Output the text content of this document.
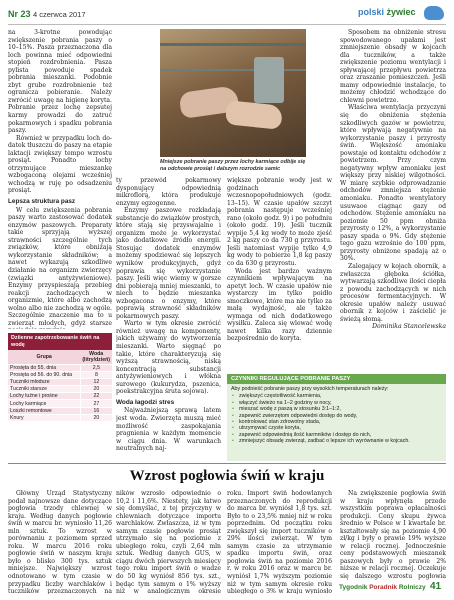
Nr 23 4 czerwca 2017	polski żywiec

na 3-krotne powodując zwiększenie pobrania paszy o 10–15%. Pasza przeznaczona dla loch powinna mieć odpowiedni stopień rozdrobnienia. Pasza pylista powoduje spadek pobrania mieszanki. Podobnie zbyt grube rozdrobnienie też ogranicza pobieranie. Należy zwrócić uwagę na higienę koryta. Pobranie przez lochę zepsutej karmy prowadzi do zatruć pokarmowych i spadku pobrania paszy.

Również w przypadku loch do-datek tłuszczu do paszy na etapie laktacji zwiększy tempo wzrostu prosiąt. Ponadto lochy otrzymujące mieszankę wzbogaconą olejami wcześniej wchodzą w ruję po odsadzeniu prosiąt.

Lepsza struktura pasz

W celu zwiększenia pobrania paszy warto zastosować dodatek enzymów paszowych. Preparaty takie sprzyjają wyższej strawności szczególnie tych związków, które obniżają wykorzystanie składników; a nawet wykazują szkodliwe działanie na organizm zwierzęcy (związki antyżywieniowe). Enzymy przyspieszają przebieg reakcji zachodzących w organizmie, które albo zachodzą wolno albo nie zachodzą w ogóle. Szczególnie znaczenie ma to u zwierząt młodych, gdyż starsze

Dziienne zapotrzebowanie świń na wodę
Grupa	Woda (litry/dzień)
Prosięta do 55. dnia	2,5
Prosięta od 56. do 90. dnia	8
Tuczniki młodsze	12
Tuczniki starsze	20
Lochy luźne i prośne	22
Lochy karmiące	27
Loszki remontowe	16
Knury	20
Mniejsze pobranie paszy przez lochy karmiące odbije się na odchowie prosiąt i dalszym rozrodzie samic

ty przewód pokarmowy dysponujący odpowiednią mikroflorą, która produkuje enzymy egzogenne.

Enzymy paszowe rozkładają substancje do związków prostych, które stają się przyswajalne i organizm może je wykorzystać jako dodatkowe źródło energii. Stosując dodatek enzymów możemy spodziewać się lepszych wyników produkcyjnych, gdyż poprawia się wykorzystanie paszy. Jeśli więc wiemy w gorsze dni pobierają mniej mieszanki, to niech to będzie mieszanka wzbogacona o enzymy, które poprawią strawność składników pokarmowych paszy.

Warto w tym okresie zwrócić również uwagę na komponenty, jakich używamy do wytworzenia mieszanki. Warto sięgnąć po takie, które charakteryzują się wyższą strawnością, niską koncentracją substancji antyżywieniowych i włókna surowego (kukurydza, pszenica, poekstrakcyjna śruta sojowa).

Woda łagodzi stres

Najważniejszą sprawą latem jest woda. Zwierzęta muszą mieć możliwość zaspokajania pragnienia w każdym momencie w ciągu dnia. W warunkach neutralnych naj-

większe pobranie wody jest w godzinach wczesnopopołudniowych (godz. 13–15). W czasie upałów szczyt pobrania następuje wcześniej rano (około godz. 9) i po południu (około godz. 19). Jeśli tucznik wypije 5,4 kg wody to może zjeść 2 kg paszy co da 730 g przyrostu. Jeśli natomiast wypije tylko 4,9 kg wody to pobierze 1,8 kg paszy co da 630 g przyrostu.

Woda jest bardzo ważnym czynnikiem wpływającym na apetyt loch. W czasie upałów nie wystarczy im tylko poidło smoczkowe, które ma nie tylko za małą wydajność, ale także wymaga od nich dodatkowego wysiłku. Zaleca się wlewać wodę nawet kilka razy dziennie bezpośrednio do koryta.

Sposobem na obniżenie stresu spowodowanego upałami jest zmniejszenie obsady w kojcach dla tuczników, a także zwiększenie poziomu wentylacji i spływającej przepływu powietrza oraz zraszanie pomieszczeń. Jeśli mamy odpowiednie instalacje, to możemy chłodzić wchodzące do chlewni powietrze.

Właściwa wentylacja przyczyni się do obniżenia stężenia szkodliwych gazów w powietrzu, które wpływają negatywnie na wykorzystanie paszy i przyrosty świń. Większość amoniaku powstaje od kontaktu odchodów z powietrzem. Przy czym negatywny wpływ amoniaku jest większy przy niskiej wilgotności. W miarę szybkie odprowadzanie odchodów zmniejsza stężenie amoniaku. Ponadto wentylatory usuwaoe ciągnąc gazy od odchodów. Stężenie amoniaku na poziomie 50 ppm obniża przyrosty o 12%, a wykorzystanie paszy spada o 9%. Gdy stężenie tego gazu wzrośnie do 100 ppm, przyrosty obniżone spadają aż o 30%.

Zalegający w kojach obornik, a zwłaszcza głęboka ściółka, wytwarzają szkodliwe ilości ciepła z powodu zachodzących w nich procesów fermentacyjnych. W okresie upałów należy usuwać obornik z kojców i zaścielić je świeżą słomą.

Dominika Stancelewska

CZYNNIKI REGULUJĄCE POBRANIE PASZY
Aby podnieść pobranie paszy przy wysokich temperaturach należy:
▪ zwiększyć częstotliwość karmienia,
▪ włączyć świeżo na 1–2 godziny w nocy,
▪ mieszać wodę z paszą w stosunku 3:1–1:2,
▪ zapewnić zwierzętom odpowiedni dostęp do wody,
▪ kontrolować stan zdrowotny stada,
▪ utrzymywać czyste koryta,
▪ zapewnić odpowiednią ilość karmników i dostęp do nich,
▪ zmniejszyć obsadę zwierząt, zadbać o lepsze ich wyrównanie w kojcach.
Wzrost pogłowia świń w kraju

Główny Urząd Statystyczny podał najnowsze dane dotyczące pogłowia trzody chlewnej w kraju. Według danych pogłowie świń w marcu br. wyniosło 11,26 mln sztuk. To wzrost w porównaniu z poziomem sprzed roku. W marcu 2016 roku pogłowie świń w naszym kraju było o blisko 300 tys. sztuk mniejsze. Największy wzrost odnotowano w tym czasie w przypadku liczby warchlaków i tuczników przeznaczonych na

ników wzrosło odpowiednio o 10,2 i 11,6%. Niestety, jak łatwo się domyślać, z tej przyczyny w chlewniach dotyczące importu warchlaków. Zwłaszcza, iż w tym samym czasie pogłowie prosiąt utrzymało się na poziomie z ubiegłego roku, czyli 2,64 mln sztuk. Według danych GUS, w ciągu dwóch pierwszych miesięcy tego roku import świń o wadze do 50 kg wyniósł 856 tys. szt., będąc tym samym o 1% wyższy niż w analogicznym okresie

roku. Import świń hodowlanych przeznaczonych do reprodukcji do marca br. wyniósł 1,8 tys. szt. Było to o 23,5% mniej niż w roku poprzednim. Od początku roku zwiększył się import tuczników o 29% ilości zwierząt. W tym samym czasie za utrzymanie spadku importu świń, oraz pogłowia świń na poziomie 2016 r. w roku 2016 oraz w marcu br. wyniósł 1,7% wyższym poziomie niż w tym samym okresie roku ubiegłego o 3% w kraju wyniosło

Na zwiększenie pogłowia świń w kraju wpłynęła przede wszystkim poprawa opłacalności produkcji. Ceny skupu żywca średnio w Polsce w I kwartale br. kształtowały się na poziomie 4,90 zł/kg i były o prawie 19% wyższe w relacji rocznej. Jednocześnie ceny podstawowych mieszanek paszowych były o prawie 2% niższe w relacji rocznej. Oczekuje się dalszego wzrostu pogłowia

Tygodnik Poradnik Rolniczy 41
